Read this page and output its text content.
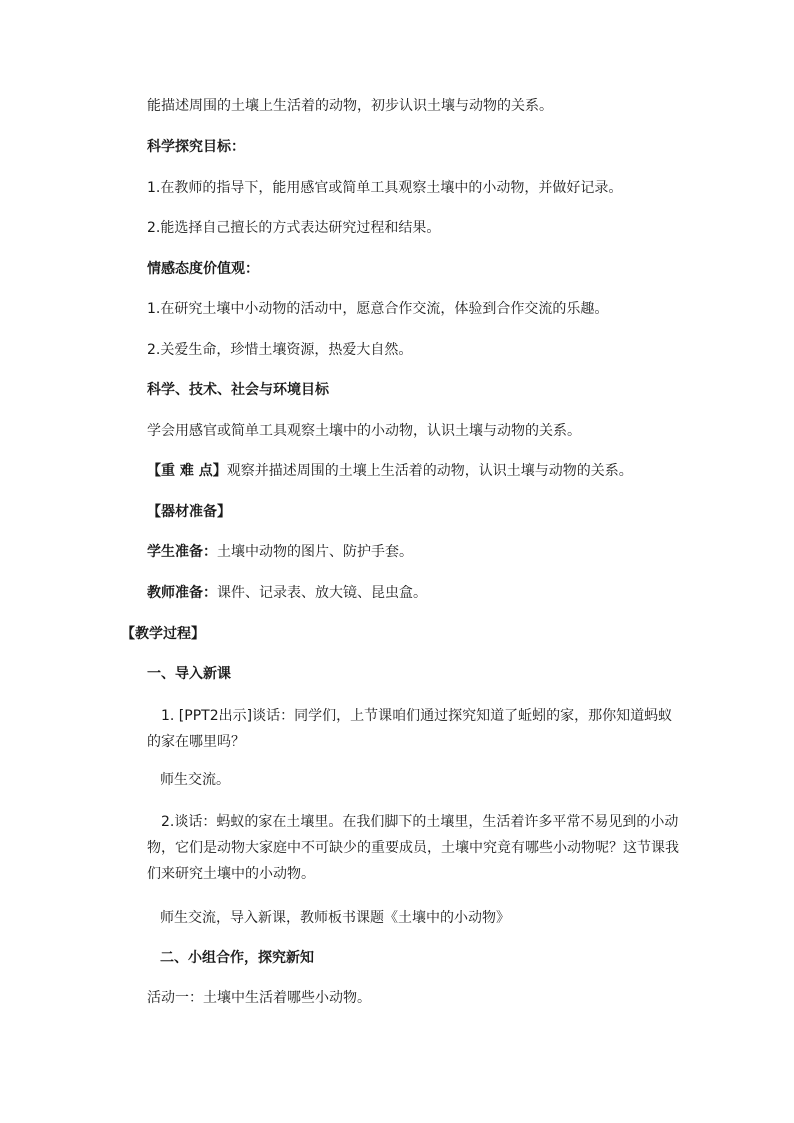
能描述周围的土壤上生活着的动物，初步认识土壤与动物的关系。
科学探究目标：
1.在教师的指导下，能用感官或简单工具观察土壤中的小动物，并做好记录。
2.能选择自己擅长的方式表达研究过程和结果。
情感态度价值观：
1.在研究土壤中小动物的活动中，愿意合作交流，体验到合作交流的乐趣。
2.关爱生命，珍惜土壤资源，热爱大自然。
科学、技术、社会与环境目标
学会用感官或简单工具观察土壤中的小动物，认识土壤与动物的关系。
【重 难 点】观察并描述周围的土壤上生活着的动物，认识土壤与动物的关系。
【器材准备】
学生准备：土壤中动物的图片、防护手套。
教师准备：课件、记录表、放大镜、昆虫盒。
【教学过程】
一、导入新课
1. [PPT2出示]谈话：同学们，上节课咱们通过探究知道了蚯蚓的家，那你知道蚂蚁的家在哪里吗？
师生交流。
2.谈话：蚂蚁的家在土壤里。在我们脚下的土壤里，生活着许多平常不易见到的小动物，它们是动物大家庭中不可缺少的重要成员，土壤中究竟有哪些小动物呢？这节课我们来研究土壤中的小动物。
师生交流，导入新课，教师板书课题《土壤中的小动物》
二、小组合作，探究新知
活动一：土壤中生活着哪些小动物。
